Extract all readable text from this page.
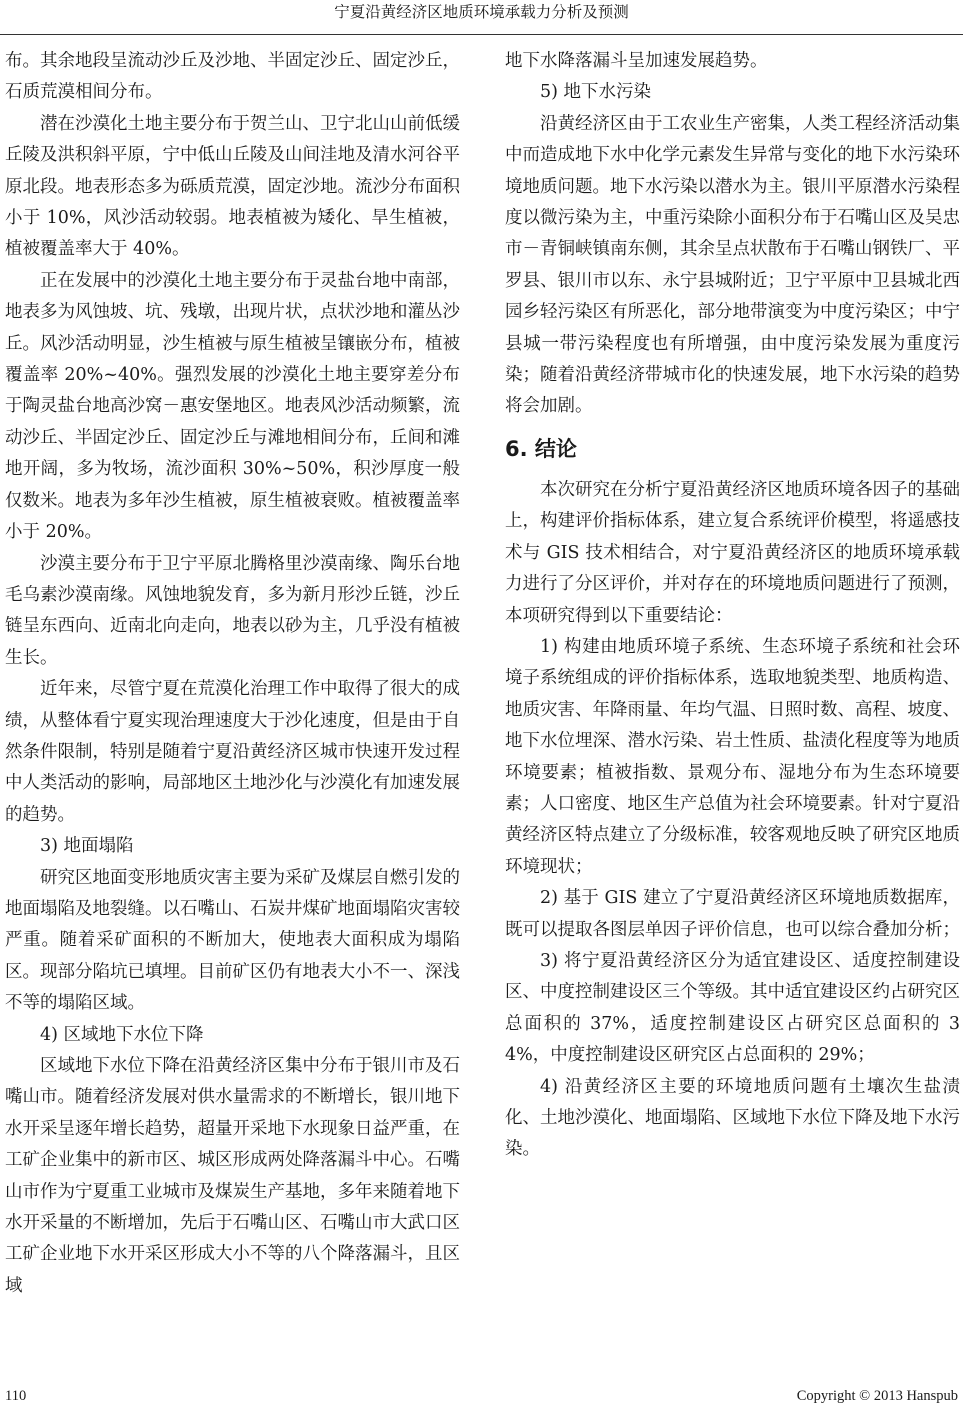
宁夏沿黄经济区地质环境承载力分析及预测

布。其余地段呈流动沙丘及沙地、半固定沙丘、固定沙丘，石质荒漠相间分布。

潜在沙漠化土地主要分布于贺兰山、卫宁北山山前低缓丘陵及洪积斜平原，宁中低山丘陵及山间洼地及清水河谷平原北段。地表形态多为砾质荒漠，固定沙地。流沙分布面积小于 10%，风沙活动较弱。地表植被为矮化、旱生植被，植被覆盖率大于 40%。

正在发展中的沙漠化土地主要分布于灵盐台地中南部，地表多为风蚀坡、坑、残墩，出现片状，点状沙地和灌丛沙丘。风沙活动明显，沙生植被与原生植被呈镶嵌分布，植被覆盖率 20%~40%。强烈发展的沙漠化土地主要穿差分布于陶灵盐台地高沙窝－惠安堡地区。地表风沙活动频繁，流动沙丘、半固定沙丘、固定沙丘与滩地相间分布，丘间和滩地开阔，多为牧场，流沙面积 30%~50%，积沙厚度一般仅数米。地表为多年沙生植被，原生植被衰败。植被覆盖率小于 20%。

沙漠主要分布于卫宁平原北腾格里沙漠南缘、陶乐台地毛乌素沙漠南缘。风蚀地貌发育，多为新月形沙丘链，沙丘链呈东西向、近南北向走向，地表以砂为主，几乎没有植被生长。

近年来，尽管宁夏在荒漠化治理工作中取得了很大的成绩，从整体看宁夏实现治理速度大于沙化速度，但是由于自然条件限制，特别是随着宁夏沿黄经济区城市快速开发过程中人类活动的影响，局部地区土地沙化与沙漠化有加速发展的趋势。

3) 地面塌陷

研究区地面变形地质灾害主要为采矿及煤层自燃引发的地面塌陷及地裂缝。以石嘴山、石炭井煤矿地面塌陷灾害较严重。随着采矿面积的不断加大，使地表大面积成为塌陷区。现部分陷坑已填埋。目前矿区仍有地表大小不一、深浅不等的塌陷区域。

4) 区域地下水位下降

区域地下水位下降在沿黄经济区集中分布于银川市及石嘴山市。随着经济发展对供水量需求的不断增长，银川地下水开采呈逐年增长趋势，超量开采地下水现象日益严重，在工矿企业集中的新市区、城区形成两处降落漏斗中心。石嘴山市作为宁夏重工业城市及煤炭生产基地，多年来随着地下水开采量的不断增加，先后于石嘴山区、石嘴山市大武口区工矿企业地下水开采区形成大小不等的八个降落漏斗，且区域

地下水降落漏斗呈加速发展趋势。

5) 地下水污染

沿黄经济区由于工农业生产密集，人类工程经济活动集中而造成地下水中化学元素发生异常与变化的地下水污染环境地质问题。地下水污染以潜水为主。银川平原潜水污染程度以微污染为主，中重污染除小面积分布于石嘴山区及吴忠市－青铜峡镇南东侧，其余呈点状散布于石嘴山钢铁厂、平罗县、银川市以东、永宁县城附近；卫宁平原中卫县城北西园乡轻污染区有所恶化，部分地带演变为中度污染区；中宁县城一带污染程度也有所增强，由中度污染发展为重度污染；随着沿黄经济带城市化的快速发展，地下水污染的趋势将会加剧。

6. 结论

本次研究在分析宁夏沿黄经济区地质环境各因子的基础上，构建评价指标体系，建立复合系统评价模型，将遥感技术与 GIS 技术相结合，对宁夏沿黄经济区的地质环境承载力进行了分区评价，并对存在的环境地质问题进行了预测，本项研究得到以下重要结论：

1) 构建由地质环境子系统、生态环境子系统和社会环境子系统组成的评价指标体系，选取地貌类型、地质构造、地质灾害、年降雨量、年均气温、日照时数、高程、坡度、地下水位埋深、潜水污染、岩土性质、盐渍化程度等为地质环境要素；植被指数、景观分布、湿地分布为生态环境要素；人口密度、地区生产总值为社会环境要素。针对宁夏沿黄经济区特点建立了分级标准，较客观地反映了研究区地质环境现状；

2) 基于 GIS 建立了宁夏沿黄经济区环境地质数据库，既可以提取各图层单因子评价信息，也可以综合叠加分析；

3) 将宁夏沿黄经济区分为适宜建设区、适度控制建设区、中度控制建设区三个等级。其中适宜建设区约占研究区总面积的 37%，适度控制建设区占研究区总面积的 34%，中度控制建设区研究区占总面积的 29%；

4) 沿黄经济区主要的环境地质问题有土壤次生盐渍化、土地沙漠化、地面塌陷、区域地下水位下降及地下水污染。

110	Copyright © 2013 Hanspub
